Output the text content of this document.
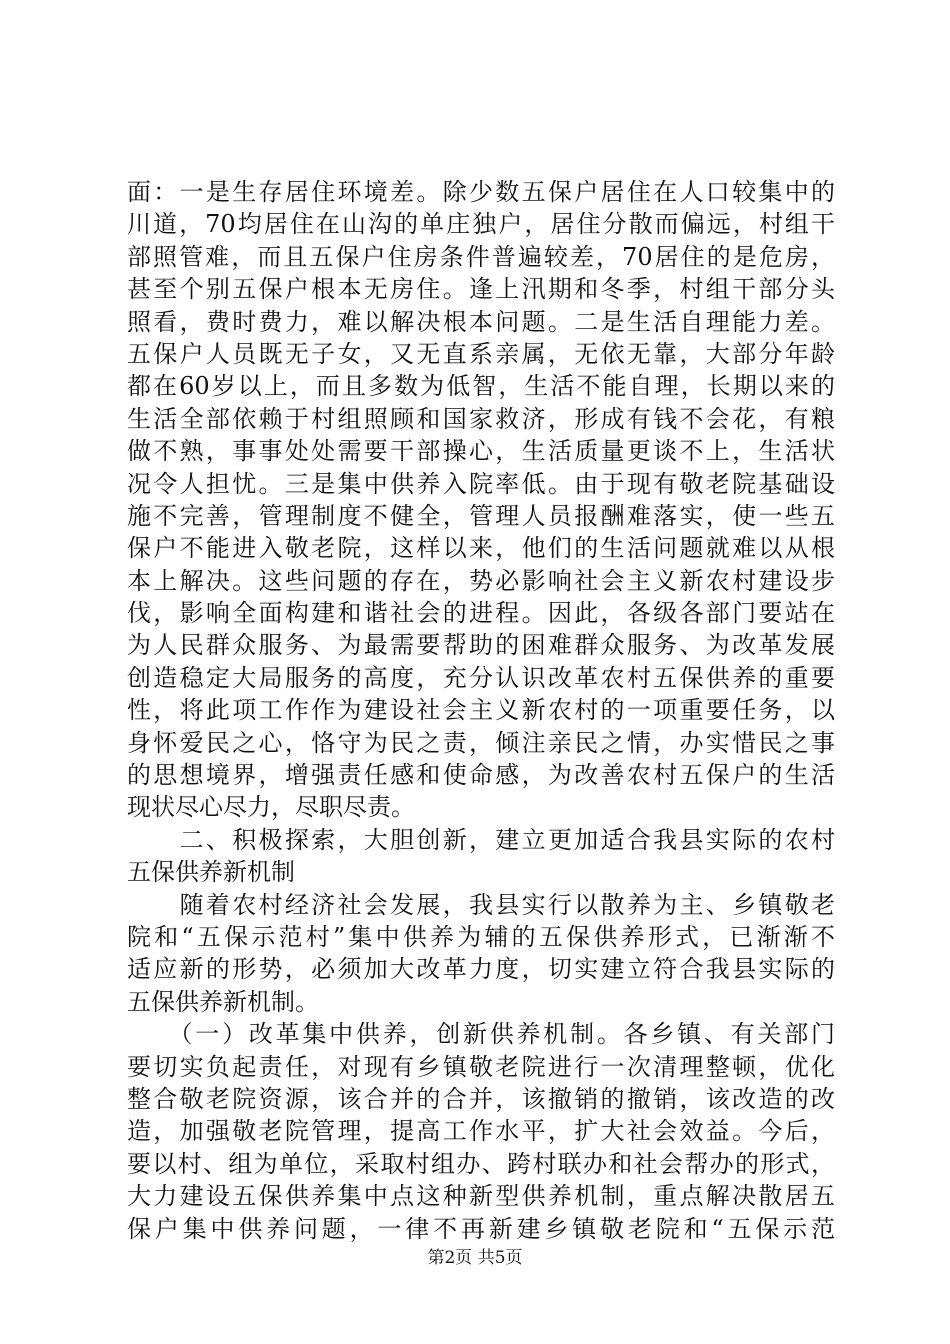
面：一是生存居住环境差。除少数五保户居住在人口较集中的
川道，70均居住在山沟的单庄独户，居住分散而偏远，村组干
部照管难，而且五保户住房条件普遍较差，70居住的是危房，
甚至个别五保户根本无房住。逢上汛期和冬季，村组干部分头
照看，费时费力，难以解决根本问题。二是生活自理能力差。
五保户人员既无子女，又无直系亲属，无依无靠，大部分年龄
都在60岁以上，而且多数为低智，生活不能自理，长期以来的
生活全部依赖于村组照顾和国家救济，形成有钱不会花，有粮
做不熟，事事处处需要干部操心，生活质量更谈不上，生活状
况令人担忧。三是集中供养入院率低。由于现有敬老院基础设
施不完善，管理制度不健全，管理人员报酬难落实，使一些五
保户不能进入敬老院，这样以来，他们的生活问题就难以从根
本上解决。这些问题的存在，势必影响社会主义新农村建设步
伐，影响全面构建和谐社会的进程。因此，各级各部门要站在
为人民群众服务、为最需要帮助的困难群众服务、为改革发展
创造稳定大局服务的高度，充分认识改革农村五保供养的重要
性，将此项工作作为建设社会主义新农村的一项重要任务，以
身怀爱民之心，恪守为民之责，倾注亲民之情，办实惜民之事
的思想境界，增强责任感和使命感，为改善农村五保户的生活
现状尽心尽力，尽职尽责。
　　二、积极探索，大胆创新，建立更加适合我县实际的农村
五保供养新机制
　　随着农村经济社会发展，我县实行以散养为主、乡镇敬老
院和“五保示范村”集中供养为辅的五保供养形式，已渐渐不
适应新的形势，必须加大改革力度，切实建立符合我县实际的
五保供养新机制。
　　（一）改革集中供养，创新供养机制。各乡镇、有关部门
要切实负起责任，对现有乡镇敬老院进行一次清理整顿，优化
整合敬老院资源，该合并的合并，该撤销的撤销，该改造的改
造，加强敬老院管理，提高工作水平，扩大社会效益。今后，
要以村、组为单位，采取村组办、跨村联办和社会帮办的形式，
大力建设五保供养集中点这种新型供养机制，重点解决散居五
保户集中供养问题，一律不再新建乡镇敬老院和“五保示范
第2页 共5页
